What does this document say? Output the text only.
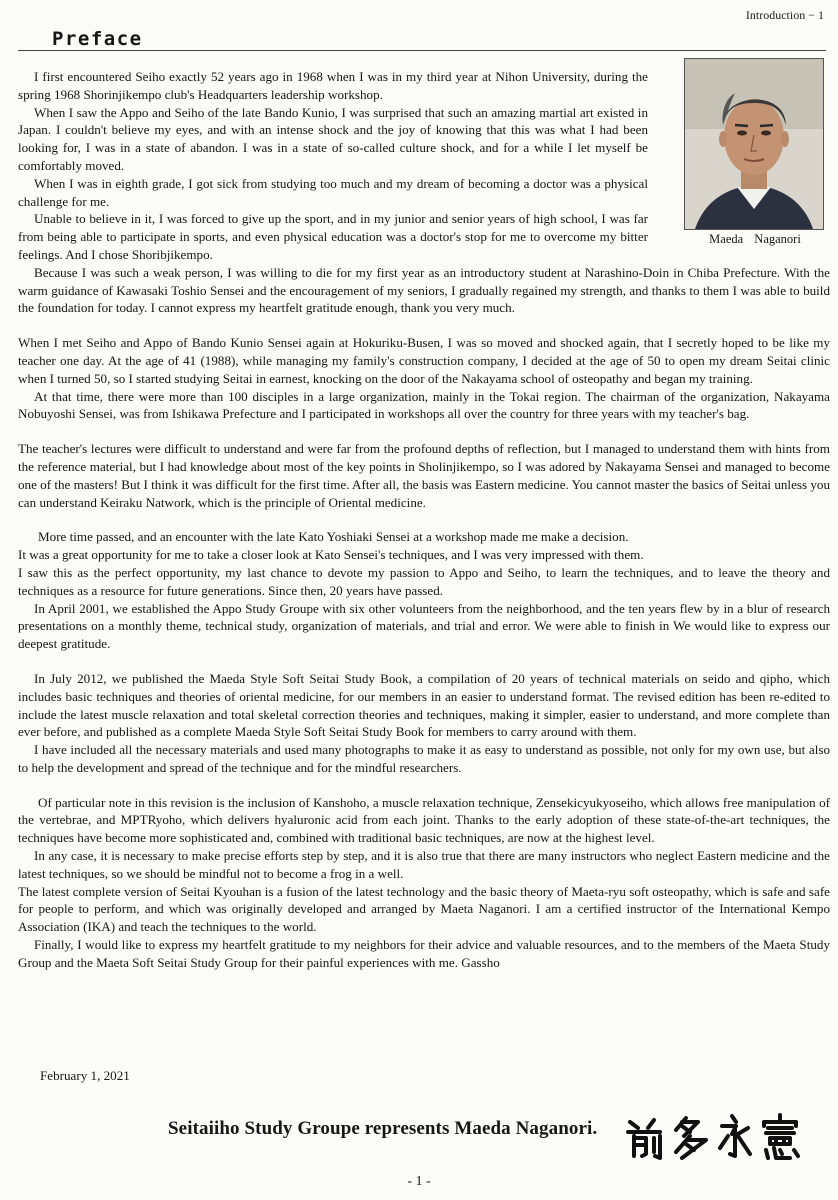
Introduction − 1
Preface
Maeda Naganori

I first encountered Seiho exactly 52 years ago in 1968 when I was in my third year at Nihon University, during the spring 1968 Shorinjikempo club's Headquarters leadership workshop.

When I saw the Appo and Seiho of the late Bando Kunio, I was surprised that such an amazing martial art existed in Japan. I couldn't believe my eyes, and with an intense shock and the joy of knowing that this was what I had been looking for, I was in a state of abandon. I was in a state of so-called culture shock, and for a while I let myself be comfortably moved.

When I was in eighth grade, I got sick from studying too much and my dream of becoming a doctor was a physical challenge for me.

Unable to believe in it, I was forced to give up the sport, and in my junior and senior years of high school, I was far from being able to participate in sports, and even physical education was a doctor's stop for me to overcome my bitter feelings. And I chose Shoribjikempo.

Because I was such a weak person, I was willing to die for my first year as an introductory student at Narashino-Doin in Chiba Prefecture. With the warm guidance of Kawasaki Toshio Sensei and the encouragement of my seniors, I gradually regained my strength, and thanks to them I was able to build the foundation for today. I cannot express my heartfelt gratitude enough, thank you very much.

When I met Seiho and Appo of Bando Kunio Sensei again at Hokuriku-Busen, I was so moved and shocked again, that I secretly hoped to be like my teacher one day. At the age of 41 (1988), while managing my family's construction company, I decided at the age of 50 to open my dream Seitai clinic when I turned 50, so I started studying Seitai in earnest, knocking on the door of the Nakayama school of osteopathy and began my training.

At that time, there were more than 100 disciples in a large organization, mainly in the Tokai region. The chairman of the organization, Nakayama Nobuyoshi Sensei, was from Ishikawa Prefecture and I participated in workshops all over the country for three years with my teacher's bag.

The teacher's lectures were difficult to understand and were far from the profound depths of reflection, but I managed to understand them with hints from the reference material, but I had knowledge about most of the key points in Sholinjikempo, so I was adored by Nakayama Sensei and managed to become one of the masters! But I think it was difficult for the first time. After all, the basis was Eastern medicine. You cannot master the basics of Seitai unless you can understand Keiraku Natwork, which is the principle of Oriental medicine.

More time passed, and an encounter with the late Kato Yoshiaki Sensei at a workshop made me make a decision.

It was a great opportunity for me to take a closer look at Kato Sensei's techniques, and I was very impressed with them.

I saw this as the perfect opportunity, my last chance to devote my passion to Appo and Seiho, to learn the techniques, and to leave the theory and techniques as a resource for future generations. Since then, 20 years have passed.

In April 2001, we established the Appo Study Groupe with six other volunteers from the neighborhood, and the ten years flew by in a blur of research presentations on a monthly theme, technical study, organization of materials, and trial and error. We were able to finish in We would like to express our deepest gratitude.

In July 2012, we published the Maeda Style Soft Seitai Study Book, a compilation of 20 years of technical materials on seido and qipho, which includes basic techniques and theories of oriental medicine, for our members in an easier to understand format. The revised edition has been re-edited to include the latest muscle relaxation and total skeletal correction theories and techniques, making it simpler, easier to understand, and more complete than ever before, and published as a complete Maeda Style Soft Seitai Study Book for members to carry around with them.

I have included all the necessary materials and used many photographs to make it as easy to understand as possible, not only for my own use, but also to help the development and spread of the technique and for the mindful researchers.

Of particular note in this revision is the inclusion of Kanshoho, a muscle relaxation technique, Zensekicyukyoseiho, which allows free manipulation of the vertebrae, and MPTRyoho, which delivers hyaluronic acid from each joint. Thanks to the early adoption of these state-of-the-art techniques, the techniques have become more sophisticated and, combined with traditional basic techniques, are now at the highest level.

In any case, it is necessary to make precise efforts step by step, and it is also true that there are many instructors who neglect Eastern medicine and the latest techniques, so we should be mindful not to become a frog in a well.

The latest complete version of Seitai Kyouhan is a fusion of the latest technology and the basic theory of Maeta-ryu soft osteopathy, which is safe and safe for people to perform, and which was originally developed and arranged by Maeta Naganori. I am a certified instructor of the International Kempo Association (IKA) and teach the techniques to the world.

Finally, I would like to express my heartfelt gratitude to my neighbors for their advice and valuable resources, and to the members of the Maeta Study Group and the Maeta Soft Seitai Study Group for their painful experiences with me. Gassho

February 1, 2021
Seitaiiho Study Groupe represents Maeda Naganori.
- 1 -
